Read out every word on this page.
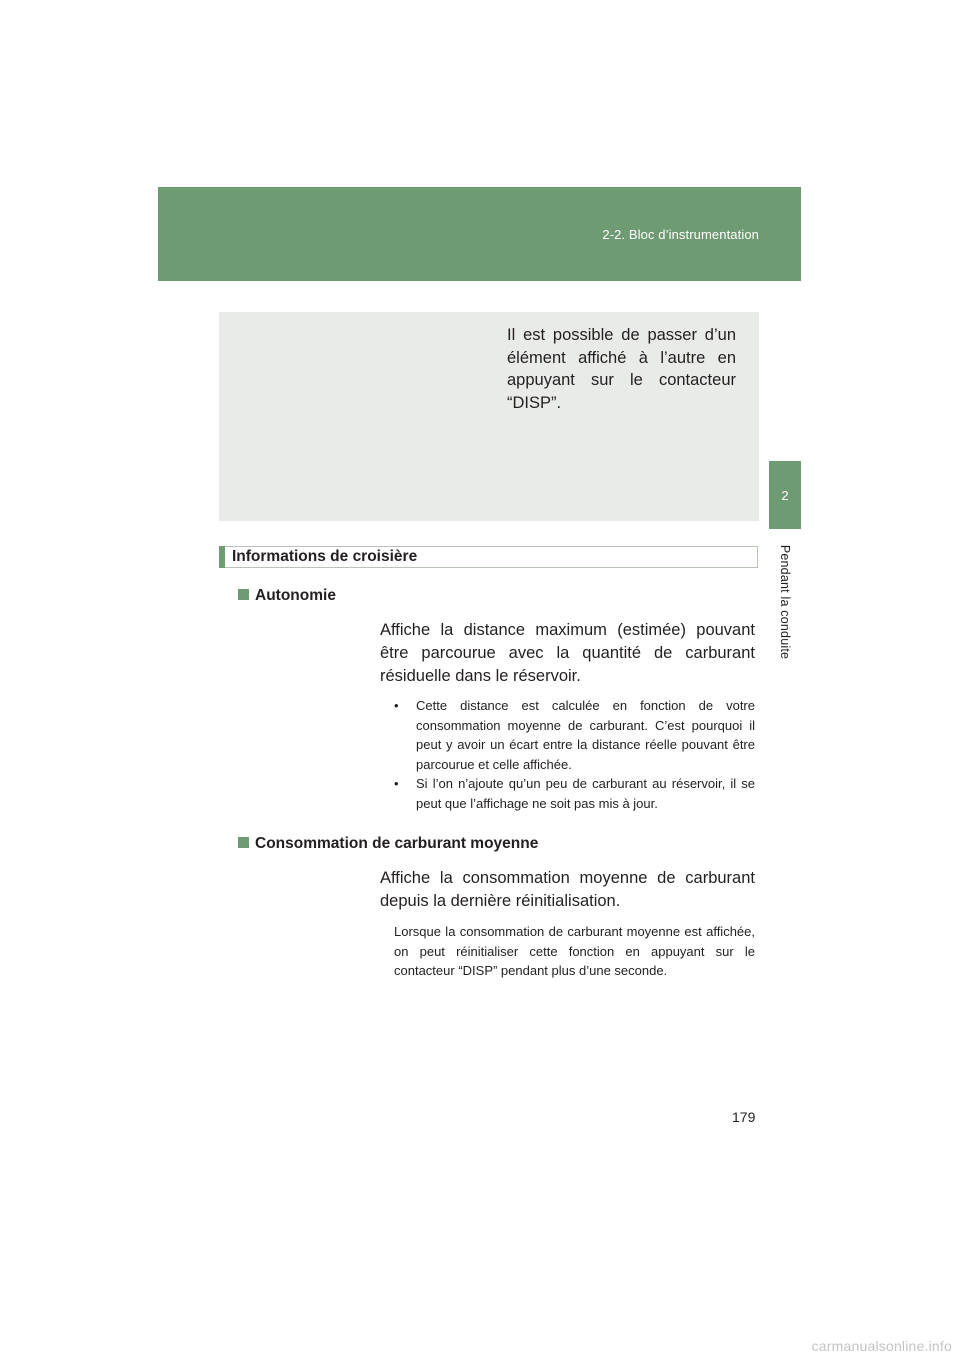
2-2. Bloc d’instrumentation
2
Pendant la conduite
Il est possible de passer d’un élément affiché à l’autre en appuyant sur le contacteur “DISP”.
Informations de croisière
Autonomie
Affiche la distance maximum (estimée) pouvant être parcourue avec la quantité de carburant résiduelle dans le réservoir.
• Cette distance est calculée en fonction de votre consommation moyenne de carburant. C’est pourquoi il peut y avoir un écart entre la distance réelle pouvant être parcourue et celle affichée.
• Si l’on n’ajoute qu’un peu de carburant au réservoir, il se peut que l’affichage ne soit pas mis à jour.
Consommation de carburant moyenne
Affiche la consommation moyenne de carburant depuis la dernière réinitialisation.
Lorsque la consommation de carburant moyenne est affichée, on peut réinitialiser cette fonction en appuyant sur le contacteur “DISP” pendant plus d’une seconde.
179
carmanualsonline.info
